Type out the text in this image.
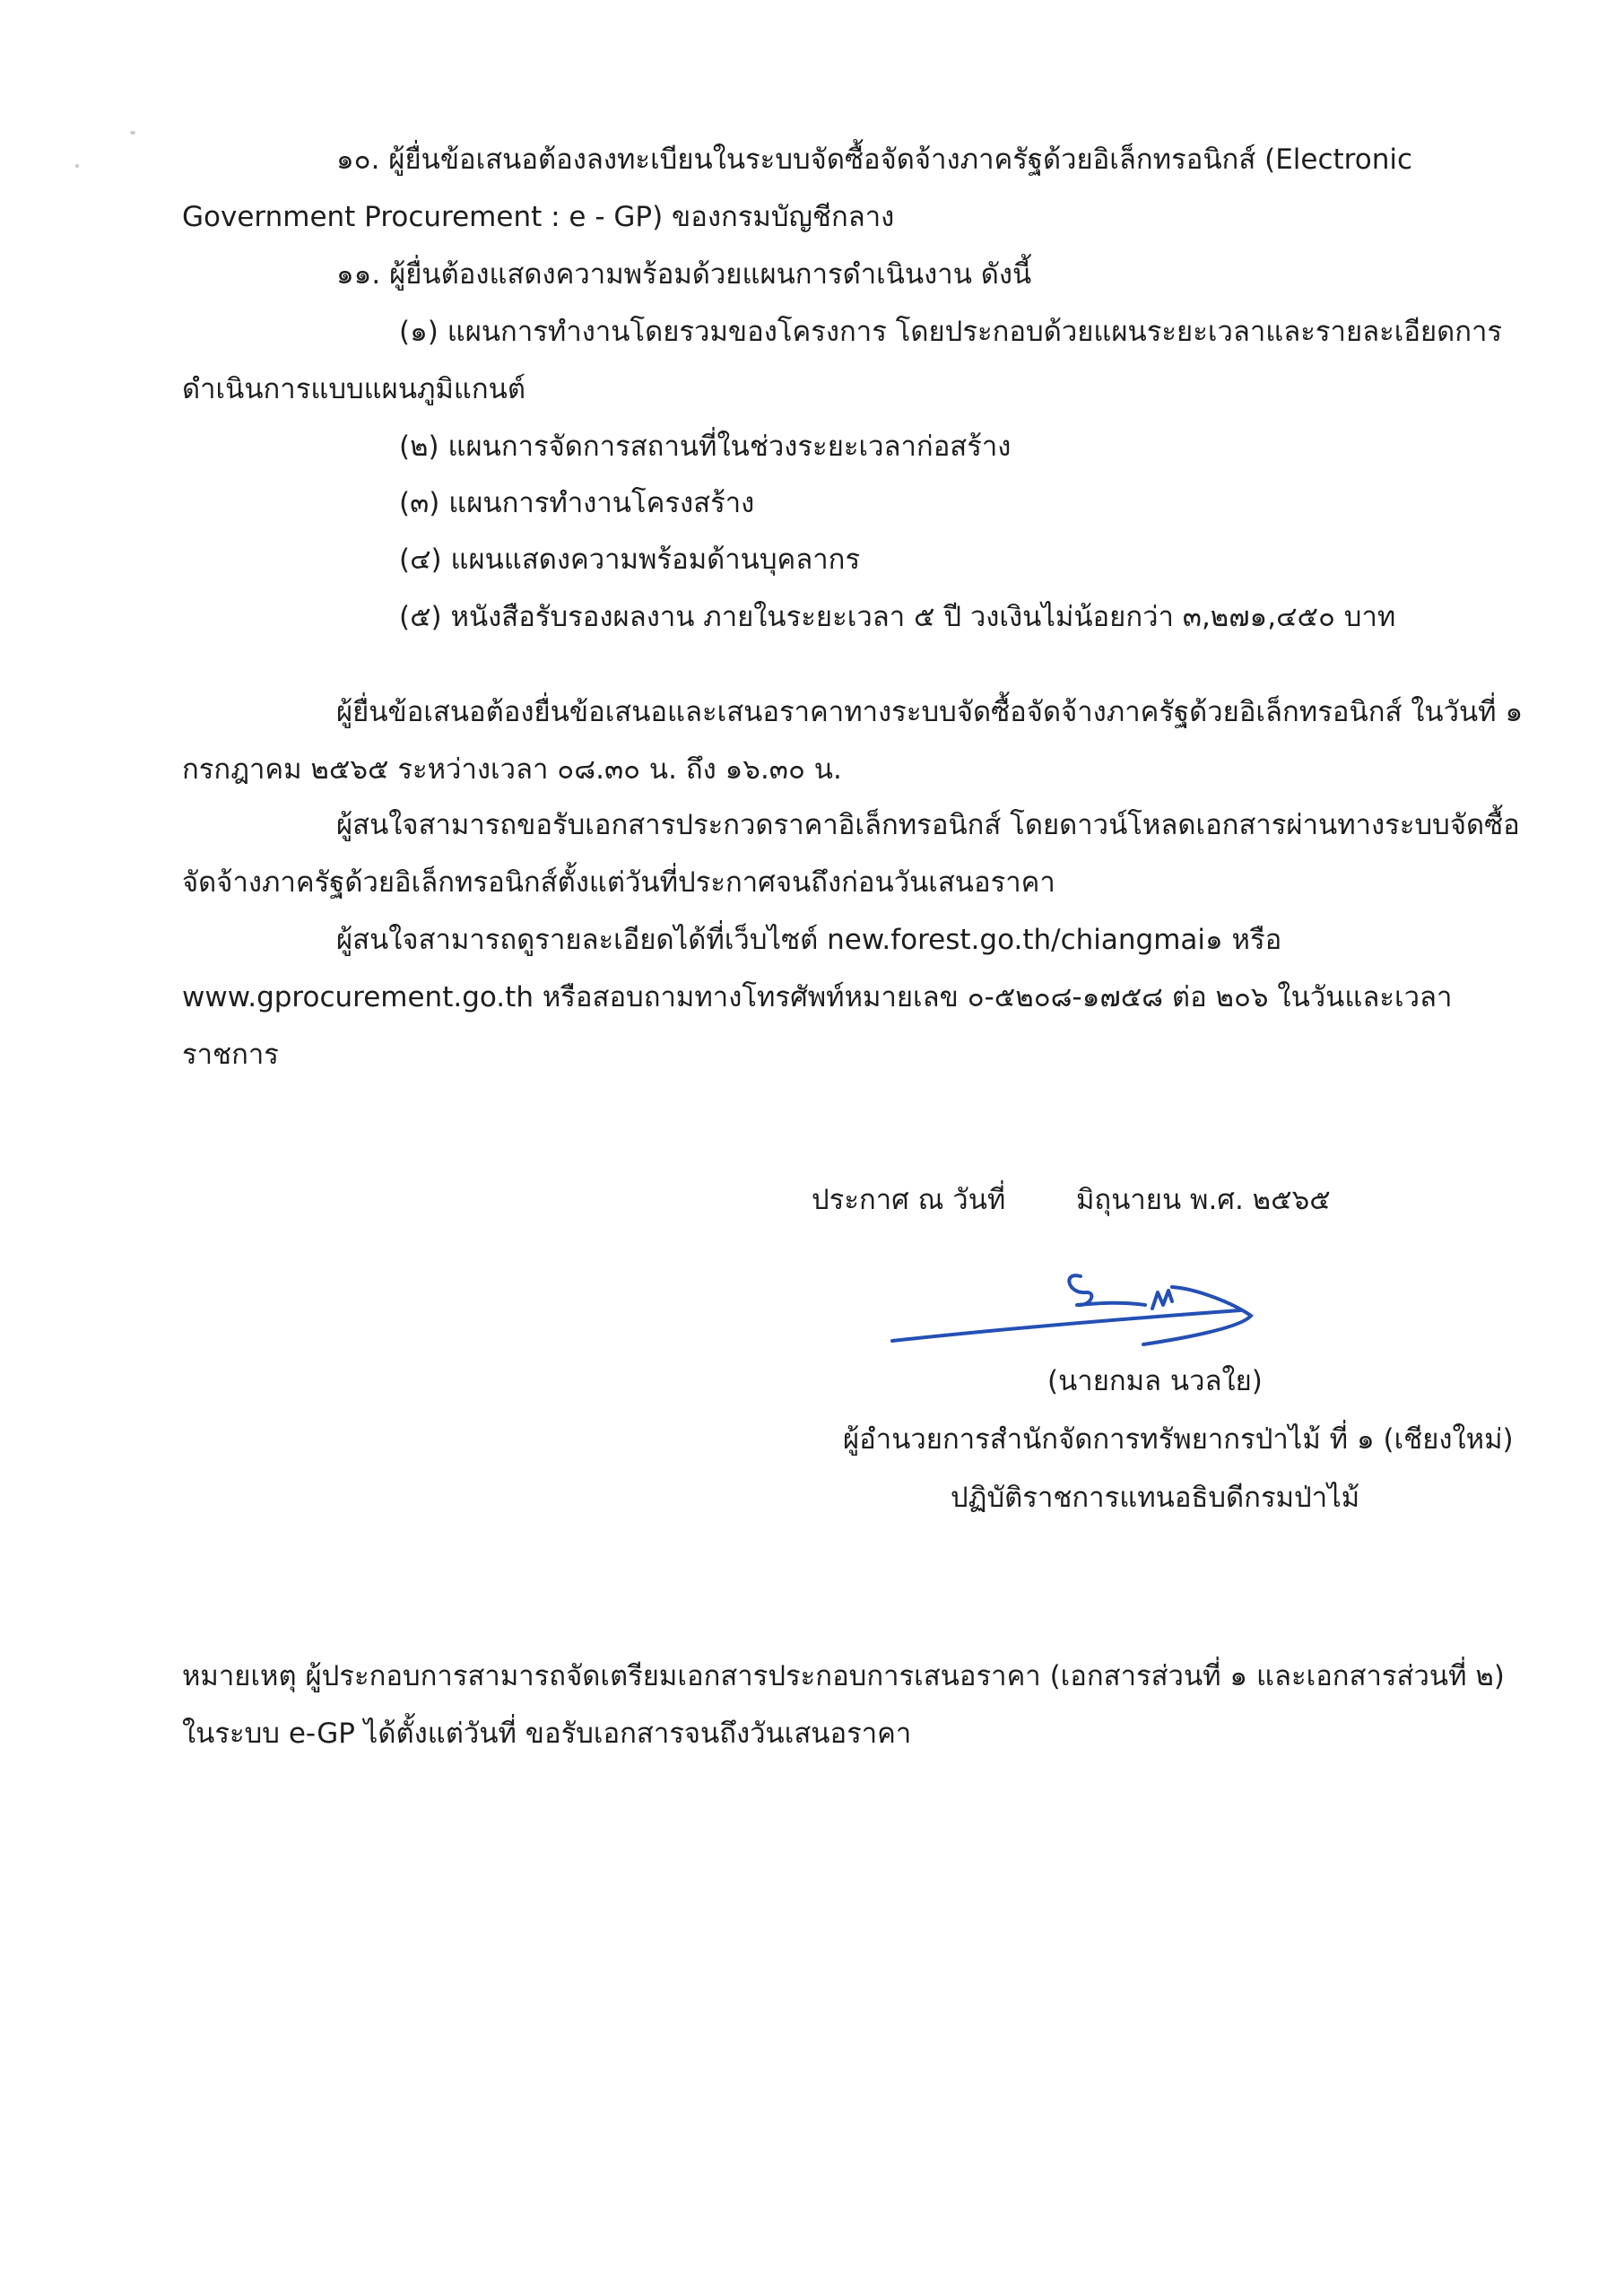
๑๐. ผู้ยื่นข้อเสนอต้องลงทะเบียนในระบบจัดซื้อจัดจ้างภาครัฐด้วยอิเล็กทรอนิกส์ (Electronic
Government Procurement : e - GP) ของกรมบัญชีกลาง
๑๑. ผู้ยื่นต้องแสดงความพร้อมด้วยแผนการดำเนินงาน ดังนี้
(๑) แผนการทำงานโดยรวมของโครงการ โดยประกอบด้วยแผนระยะเวลาและรายละเอียดการ
ดำเนินการแบบแผนภูมิแกนต์
(๒) แผนการจัดการสถานที่ในช่วงระยะเวลาก่อสร้าง
(๓) แผนการทำงานโครงสร้าง
(๔) แผนแสดงความพร้อมด้านบุคลากร
(๕) หนังสือรับรองผลงาน ภายในระยะเวลา ๕ ปี วงเงินไม่น้อยกว่า ๓,๒๗๑,๔๕๐ บาท
ผู้ยื่นข้อเสนอต้องยื่นข้อเสนอและเสนอราคาทางระบบจัดซื้อจัดจ้างภาครัฐด้วยอิเล็กทรอนิกส์ ในวันที่ ๑
กรกฎาคม ๒๕๖๕ ระหว่างเวลา ๐๘.๓๐ น. ถึง ๑๖.๓๐ น.
ผู้สนใจสามารถขอรับเอกสารประกวดราคาอิเล็กทรอนิกส์ โดยดาวน์โหลดเอกสารผ่านทางระบบจัดซื้อ
จัดจ้างภาครัฐด้วยอิเล็กทรอนิกส์ตั้งแต่วันที่ประกาศจนถึงก่อนวันเสนอราคา
ผู้สนใจสามารถดูรายละเอียดได้ที่เว็บไซต์ new.forest.go.th/chiangmai๑ หรือ
www.gprocurement.go.th หรือสอบถามทางโทรศัพท์หมายเลข ๐-๕๒๐๘-๑๗๕๘ ต่อ ๒๐๖ ในวันและเวลา
ราชการ
ประกาศ ณ วันที่	มิถุนายน พ.ศ. ๒๕๖๕
(นายกมล นวลใย)
ผู้อำนวยการสำนักจัดการทรัพยากรป่าไม้ ที่ ๑ (เชียงใหม่)
ปฏิบัติราชการแทนอธิบดีกรมป่าไม้
หมายเหตุ ผู้ประกอบการสามารถจัดเตรียมเอกสารประกอบการเสนอราคา (เอกสารส่วนที่ ๑ และเอกสารส่วนที่ ๒)
ในระบบ e-GP ได้ตั้งแต่วันที่ ขอรับเอกสารจนถึงวันเสนอราคา
